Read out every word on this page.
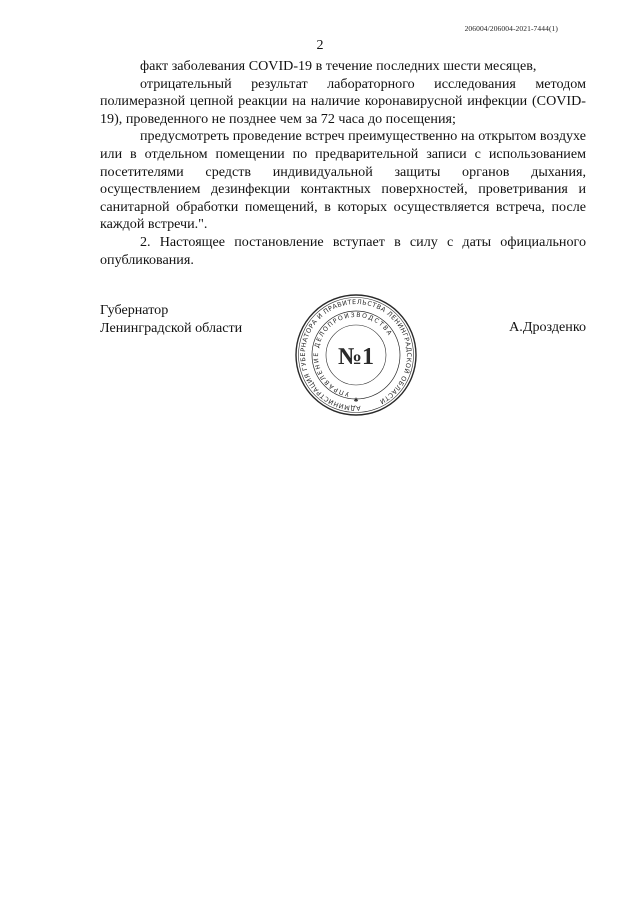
206004/206004-2021-7444(1)
2

факт заболевания COVID-19 в течение последних шести месяцев,

отрицательный результат лабораторного исследования методом полимеразной цепной реакции на наличие коронавирусной инфекции (COVID-19), проведенного не позднее чем за 72 часа до посещения;

предусмотреть проведение встреч преимущественно на открытом воздухе или в отдельном помещении по предварительной записи с использованием посетителями средств индивидуальной защиты органов дыхания, осуществлением дезинфекции контактных поверхностей, проветривания и санитарной обработки помещений, в которых осуществляется встреча, после каждой встречи.".

2. Настоящее постановление вступает в силу с даты официального опубликования.

Губернатор
Ленинградской области
АДМИНИСТРАЦИЯ ГУБЕРНАТОРА И ПРАВИТЕЛЬСТВА ЛЕНИНГРАДСКОЙ ОБЛАСТИ
УПРАВЛЕНИЕ ДЕЛОПРОИЗВОДСТВА
№1
✱
А.Дрозденко
